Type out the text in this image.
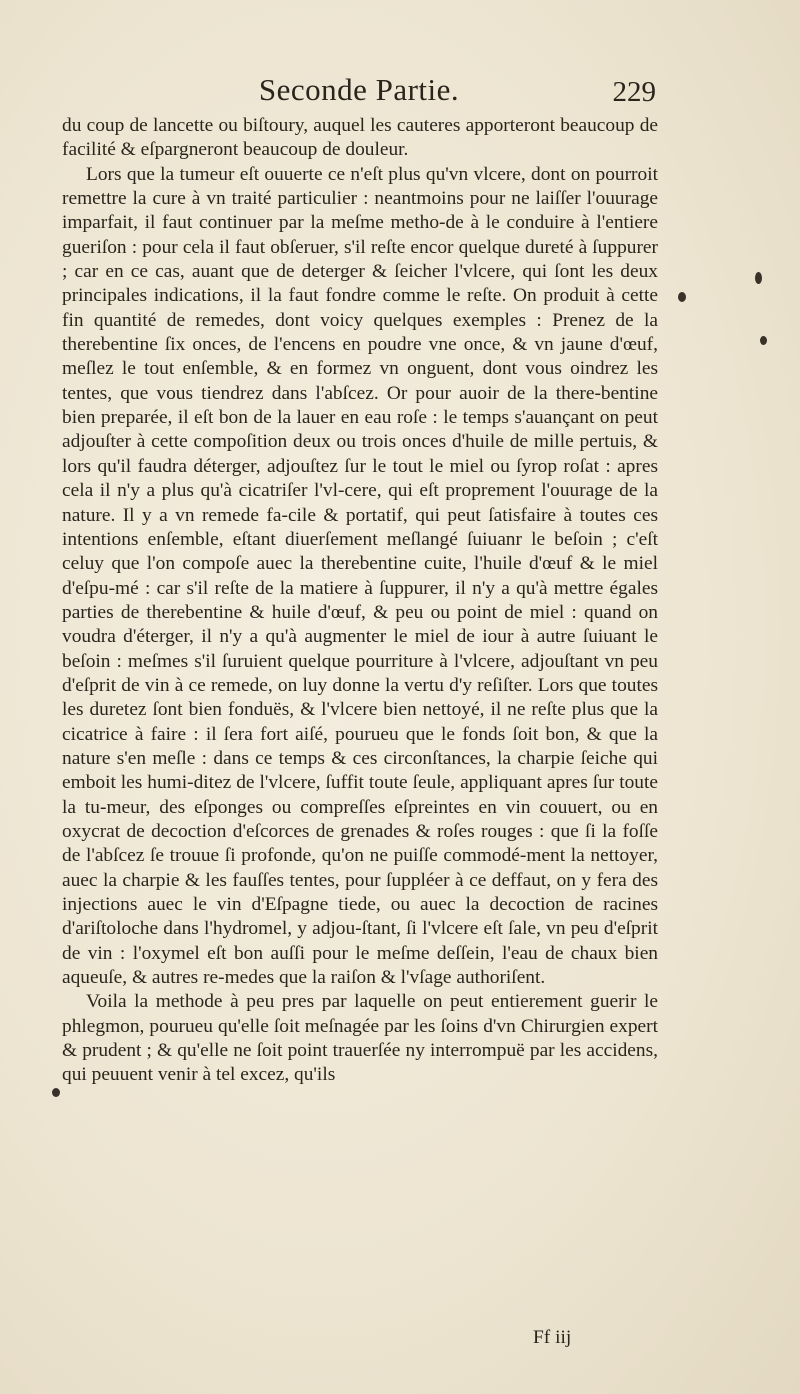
Seconde Partie.	229

du coup de lancette ou biſtoury, auquel les cauteres apporteront beaucoup de facilité & eſpargneront beaucoup de douleur.

Lors que la tumeur eſt ouuerte ce n'eſt plus qu'vn vlcere, dont on pourroit remettre la cure à vn traité particulier : neantmoins pour ne laiſſer l'ouurage imparfait, il faut continuer par la meſme metho-de à le conduire à l'entiere gueriſon : pour cela il faut obſeruer, s'il reſte encor quelque dureté à ſuppurer ; car en ce cas, auant que de deterger & ſeicher l'vlcere, qui ſont les deux principales indications, il la faut fondre comme le reſte. On produit à cette fin quantité de remedes, dont voicy quelques exemples : Prenez de la therebentine ſix onces, de l'encens en poudre vne once, & vn jaune d'œuf, meſlez le tout enſemble, & en formez vn onguent, dont vous oindrez les tentes, que vous tiendrez dans l'abſcez. Or pour auoir de la there-bentine bien preparée, il eſt bon de la lauer en eau roſe : le temps s'auançant on peut adjouſter à cette compoſition deux ou trois onces d'huile de mille pertuis, & lors qu'il faudra déterger, adjouſtez ſur le tout le miel ou ſyrop roſat : apres cela il n'y a plus qu'à cicatriſer l'vl-cere, qui eſt proprement l'ouurage de la nature. Il y a vn remede fa-cile & portatif, qui peut ſatisfaire à toutes ces intentions enſemble, eſtant diuerſement meſlangé ſuiuanr le beſoin ; c'eſt celuy que l'on compoſe auec la therebentine cuite, l'huile d'œuf & le miel d'eſpu-mé : car s'il reſte de la matiere à ſuppurer, il n'y a qu'à mettre égales parties de therebentine & huile d'œuf, & peu ou point de miel : quand on voudra d'éterger, il n'y a qu'à augmenter le miel de iour à autre ſuiuant le beſoin : meſmes s'il ſuruient quelque pourriture à l'vlcere, adjouſtant vn peu d'eſprit de vin à ce remede, on luy donne la vertu d'y reſiſter. Lors que toutes les duretez ſont bien fonduës, & l'vlcere bien nettoyé, il ne reſte plus que la cicatrice à faire : il ſera fort aiſé, pourueu que le fonds ſoit bon, & que la nature s'en meſle : dans ce temps & ces circonſtances, la charpie ſeiche qui emboit les humi-ditez de l'vlcere, ſuffit toute ſeule, appliquant apres ſur toute la tu-meur, des eſponges ou compreſſes eſpreintes en vin couuert, ou en oxycrat de decoction d'eſcorces de grenades & roſes rouges : que ſi la foſſe de l'abſcez ſe trouue ſi profonde, qu'on ne puiſſe commodé-ment la nettoyer, auec la charpie & les fauſſes tentes, pour ſuppléer à ce deffaut, on y fera des injections auec le vin d'Eſpagne tiede, ou auec la decoction de racines d'ariſtoloche dans l'hydromel, y adjou-ſtant, ſi l'vlcere eſt ſale, vn peu d'eſprit de vin : l'oxymel eſt bon auſſi pour le meſme deſſein, l'eau de chaux bien aqueuſe, & autres re-medes que la raiſon & l'vſage authoriſent.

Voila la methode à peu pres par laquelle on peut entierement guerir le phlegmon, pourueu qu'elle ſoit meſnagée par les ſoins d'vn Chirurgien expert & prudent ; & qu'elle ne ſoit point trauerſée ny interrompuë par les accidens, qui peuuent venir à tel excez, qu'ils

Ff iij
